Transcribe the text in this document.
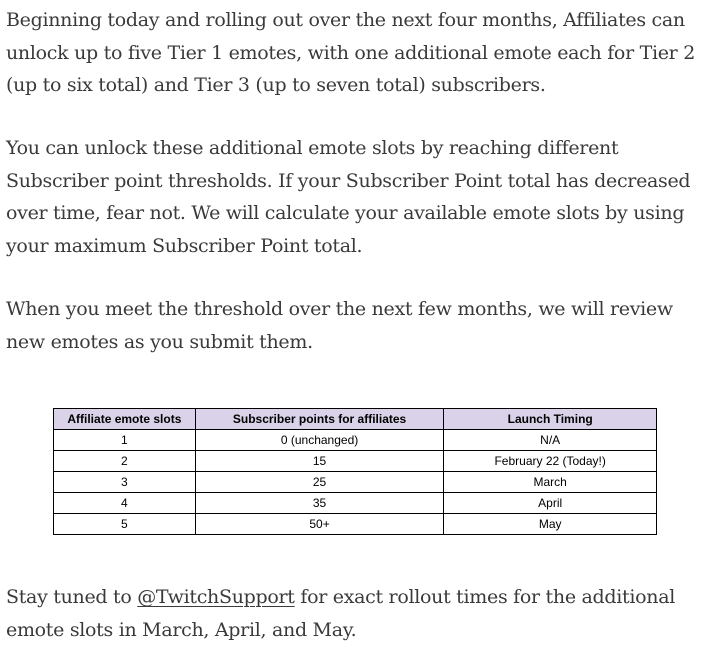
Beginning today and rolling out over the next four months, Affiliates can unlock up to five Tier 1 emotes, with one additional emote each for Tier 2 (up to six total) and Tier 3 (up to seven total) subscribers.

You can unlock these additional emote slots by reaching different Subscriber point thresholds. If your Subscriber Point total has decreased over time, fear not. We will calculate your available emote slots by using your maximum Subscriber Point total.

When you meet the threshold over the next few months, we will review new emotes as you submit them.

Affiliate emote slots	Subscriber points for affiliates	Launch Timing
1	0 (unchanged)	N/A
2	15	February 22 (Today!)
3	25	March
4	35	April
5	50+	May

Stay tuned to @TwitchSupport for exact rollout times for the additional emote slots in March, April, and May.
